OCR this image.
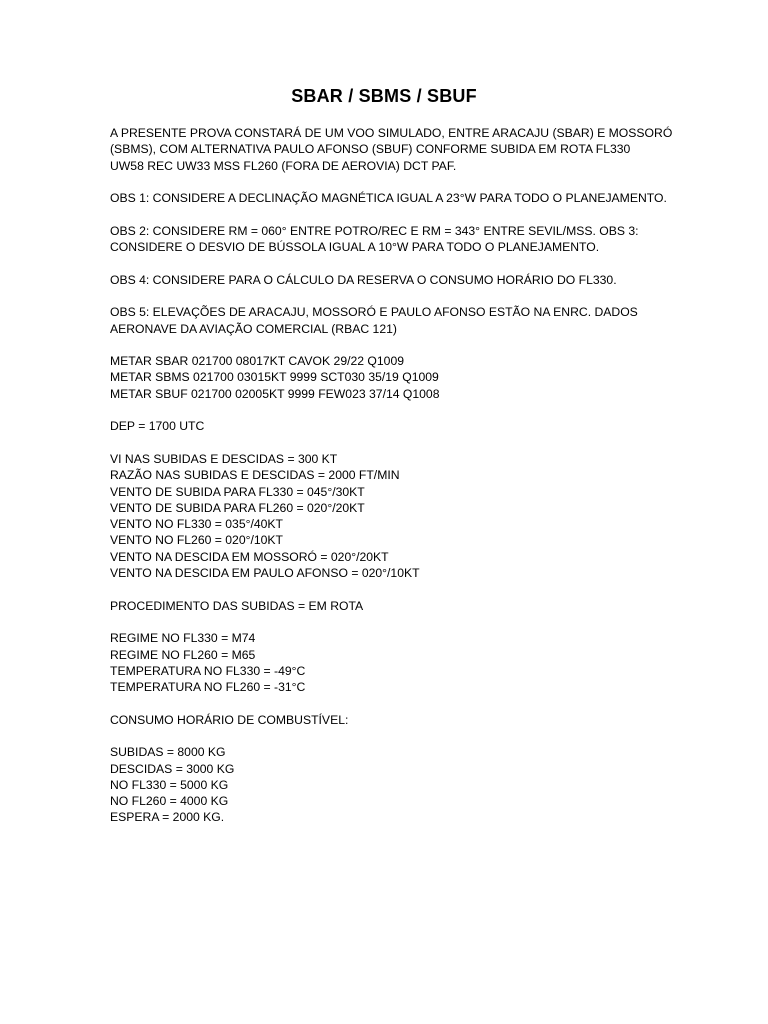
SBAR / SBMS / SBUF

A PRESENTE PROVA CONSTARÁ DE UM VOO SIMULADO, ENTRE ARACAJU (SBAR) E MOSSORÓ
(SBMS), COM ALTERNATIVA PAULO AFONSO (SBUF) CONFORME SUBIDA EM ROTA FL330
UW58 REC UW33 MSS FL260 (FORA DE AEROVIA) DCT PAF.

OBS 1: CONSIDERE A DECLINAÇÃO MAGNÉTICA IGUAL A 23°W PARA TODO O PLANEJAMENTO.

OBS 2: CONSIDERE RM = 060° ENTRE POTRO/REC E RM = 343° ENTRE SEVIL/MSS. OBS 3:
CONSIDERE O DESVIO DE BÚSSOLA IGUAL A 10°W PARA TODO O PLANEJAMENTO.

OBS 4: CONSIDERE PARA O CÁLCULO DA RESERVA O CONSUMO HORÁRIO DO FL330.

OBS 5: ELEVAÇÕES DE ARACAJU, MOSSORÓ E PAULO AFONSO ESTÃO NA ENRC. DADOS
AERONAVE DA AVIAÇÃO COMERCIAL (RBAC 121)

METAR SBAR 021700 08017KT CAVOK 29/22 Q1009
METAR SBMS 021700 03015KT 9999 SCT030 35/19 Q1009
METAR SBUF 021700 02005KT 9999 FEW023 37/14 Q1008

DEP = 1700 UTC

VI NAS SUBIDAS E DESCIDAS = 300 KT
RAZÃO NAS SUBIDAS E DESCIDAS = 2000 FT/MIN
VENTO DE SUBIDA PARA FL330 = 045°/30KT
VENTO DE SUBIDA PARA FL260 = 020°/20KT
VENTO NO FL330 = 035°/40KT
VENTO NO FL260 = 020°/10KT
VENTO NA DESCIDA EM MOSSORÓ = 020°/20KT
VENTO NA DESCIDA EM PAULO AFONSO = 020°/10KT

PROCEDIMENTO DAS SUBIDAS = EM ROTA

REGIME NO FL330 = M74
REGIME NO FL260 = M65
TEMPERATURA NO FL330 = -49°C
TEMPERATURA NO FL260 = -31°C

CONSUMO HORÁRIO DE COMBUSTÍVEL:

SUBIDAS = 8000 KG
DESCIDAS = 3000 KG
NO FL330 = 5000 KG
NO FL260 = 4000 KG
ESPERA = 2000 KG.
